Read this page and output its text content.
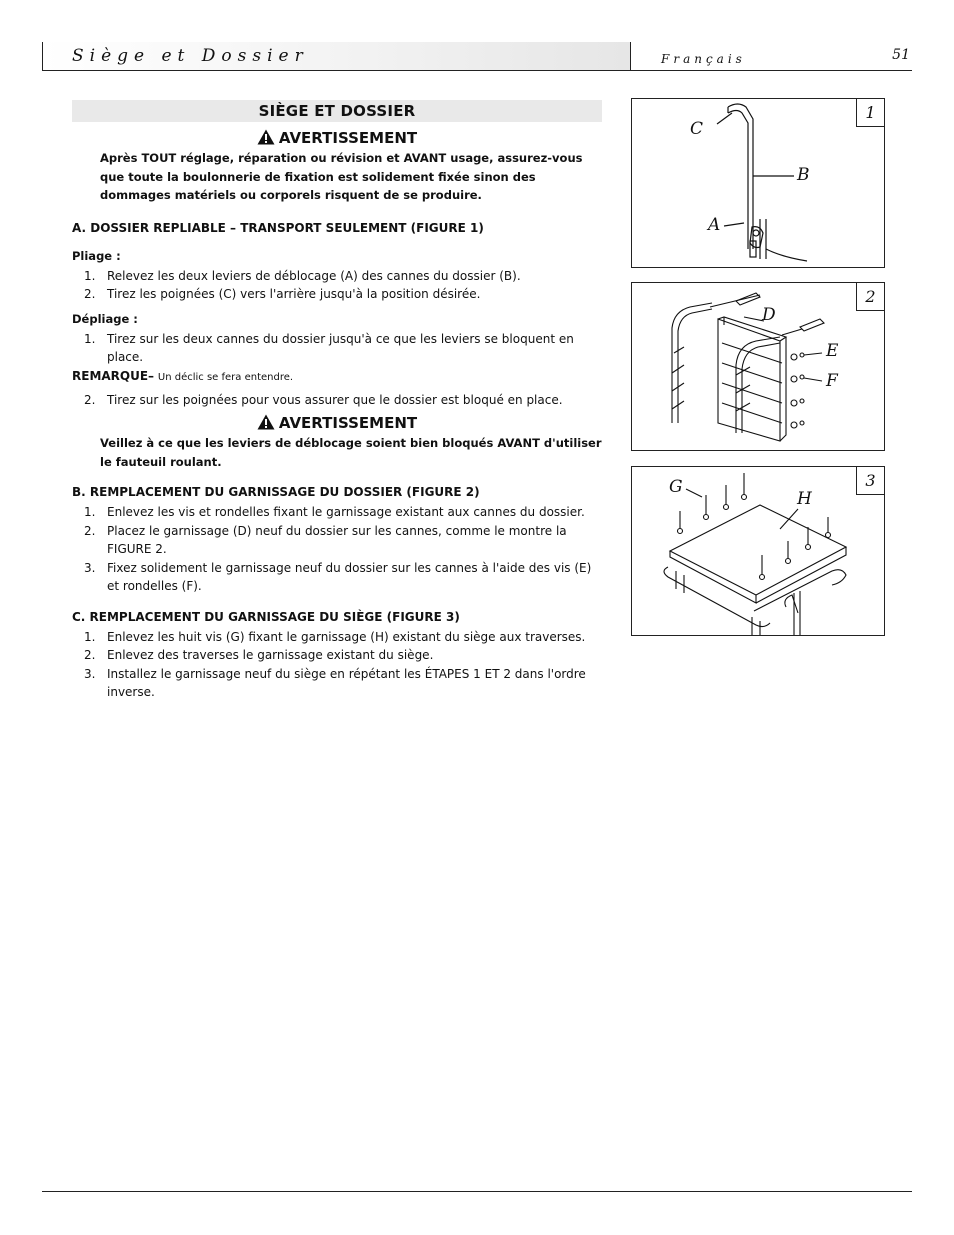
Siège et Dossier	Français	51
SIÈGE ET DOSSIER
AVERTISSEMENT
Après TOUT réglage, réparation ou révision et AVANT usage, assurez-vous que toute la boulonnerie de fixation est solidement fixée sinon des dommages matériels ou corporels risquent de se produire.
A. DOSSIER REPLIABLE – TRANSPORT SEULEMENT (FIGURE 1)
Pliage :
1. Relevez les deux leviers de déblocage (A) des cannes du dossier (B).
2. Tirez les poignées (C) vers l'arrière jusqu'à la position désirée.
Dépliage :
1. Tirez sur les deux cannes du dossier jusqu'à ce que les leviers se bloquent en place.
REMARQUE– Un déclic se fera entendre.
2. Tirez sur les poignées pour vous assurer que le dossier est bloqué en place.
AVERTISSEMENT
Veillez à ce que les leviers de déblocage soient bien bloqués AVANT d'utiliser le fauteuil roulant.
B. REMPLACEMENT DU GARNISSAGE DU DOSSIER (FIGURE 2)
1. Enlevez les vis et rondelles fixant le garnissage existant aux cannes du dossier.
2. Placez le garnissage (D) neuf du dossier sur les cannes, comme le montre la FIGURE 2.
3. Fixez solidement le garnissage neuf du dossier sur les cannes à l'aide des vis (E) et rondelles (F).
C. REMPLACEMENT DU GARNISSAGE DU SIÈGE (FIGURE 3)
1. Enlevez les huit vis (G) fixant le garnissage (H) existant du siège aux traverses.
2. Enlevez des traverses le garnissage existant du siège.
3. Installez le garnissage neuf du siège en répétant les ÉTAPES 1 ET 2 dans l'ordre inverse.
1
C
B
A
2
D
E
F
3
G
H
